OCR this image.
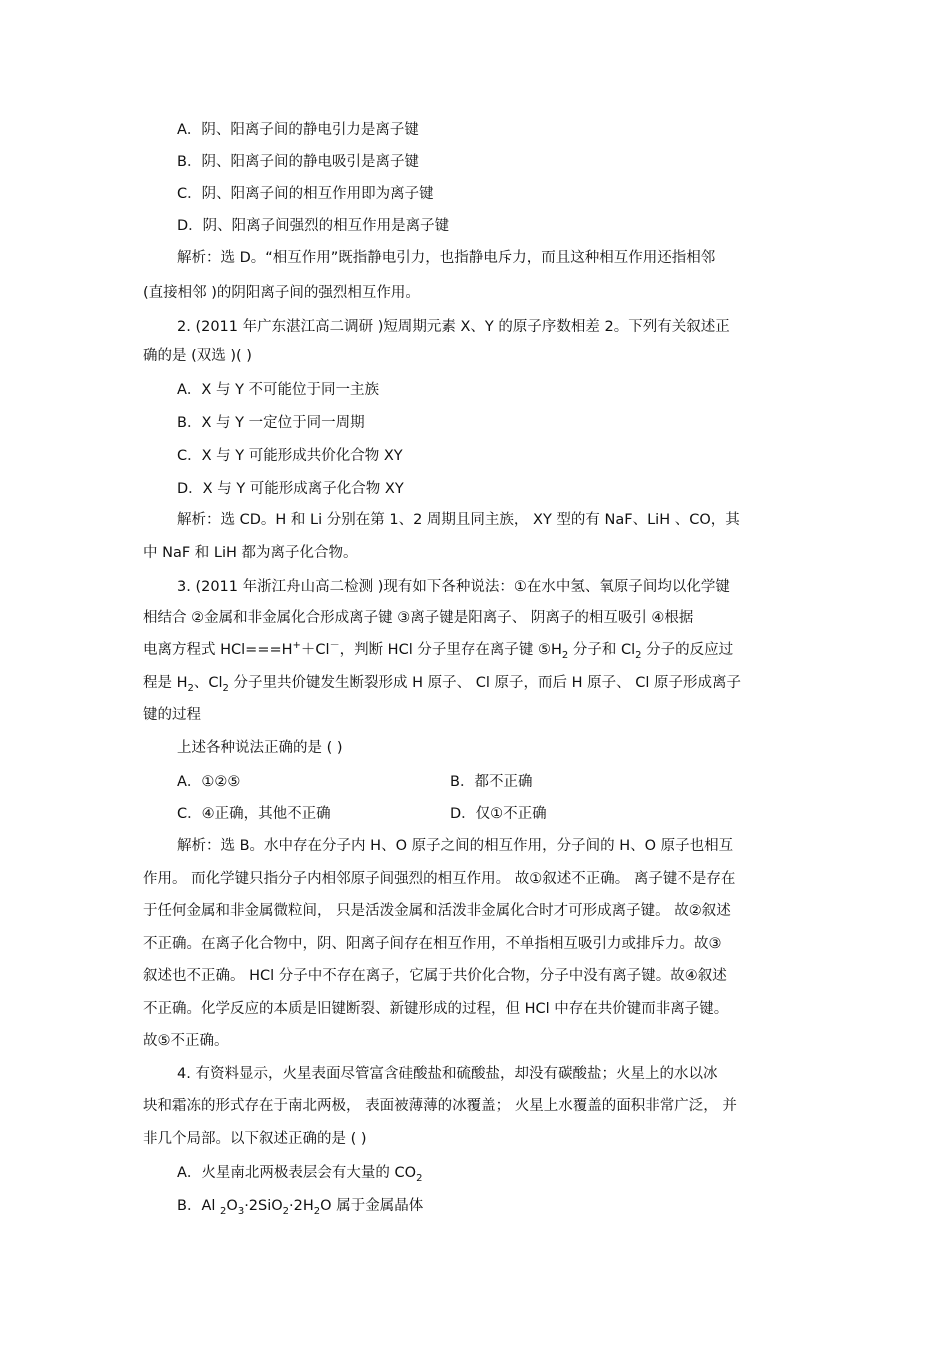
A．阴、阳离子间的静电引力是离子键
B．阴、阳离子间的静电吸引是离子键
C．阴、阳离子间的相互作用即为离子键
D．阴、阳离子间强烈的相互作用是离子键
解析：选 D。“相互作用”既指静电引力，也指静电斥力，而且这种相互作用还指相邻
(直接相邻 )的阴阳离子间的强烈相互作用。
2. (2011 年广东湛江高二调研 )短周期元素 X、Y 的原子序数相差 2。下列有关叙述正
确的是 (双选 )( )
A．X 与 Y 不可能位于同一主族
B．X 与 Y 一定位于同一周期
C．X 与 Y 可能形成共价化合物 XY
D．X 与 Y 可能形成离子化合物 XY
解析：选 CD。H 和 Li 分别在第 1、2 周期且同主族， XY 型的有 NaF、LiH 、CO，其
中 NaF 和 LiH 都为离子化合物。
3. (2011 年浙江舟山高二检测 )现有如下各种说法：①在水中氢、氧原子间均以化学键
相结合 ②金属和非金属化合形成离子键 ③离子键是阳离子、 阴离子的相互吸引 ④根据
电离方程式 HCl===H+＋Cl－，判断 HCl 分子里存在离子键 $⑤H_2$ 分子和 $Cl_2$ 分子的反应过
程是 $H_2$、$Cl_2$ 分子里共价键发生断裂形成 H 原子、 Cl 原子，而后 H 原子、 Cl 原子形成离子
键的过程
上述各种说法正确的是 ( )
A．①②⑤	B．都不正确
C．④正确，其他不正确	D．仅①不正确
解析：选 B。水中存在分子内 H、O 原子之间的相互作用，分子间的 H、O 原子也相互
作用。 而化学键只指分子内相邻原子间强烈的相互作用。 故①叙述不正确。 离子键不是存在
于任何金属和非金属微粒间， 只是活泼金属和活泼非金属化合时才可形成离子键。 故②叙述
不正确。在离子化合物中，阴、阳离子间存在相互作用，不单指相互吸引力或排斥力。故③
叙述也不正确。 HCl 分子中不存在离子，它属于共价化合物，分子中没有离子键。故④叙述
不正确。化学反应的本质是旧键断裂、新键形成的过程，但 HCl 中存在共价键而非离子键。
故⑤不正确。
4. 有资料显示，火星表面尽管富含硅酸盐和硫酸盐，却没有碳酸盐；火星上的水以冰
块和霜冻的形式存在于南北两极， 表面被薄薄的冰覆盖； 火星上水覆盖的面积非常广泛， 并
非几个局部。以下叙述正确的是 ( )
A．火星南北两极表层会有大量的 $CO_2$
B．Al $_2O_3\cdot 2SiO_2\cdot 2H_2O$ 属于金属晶体
